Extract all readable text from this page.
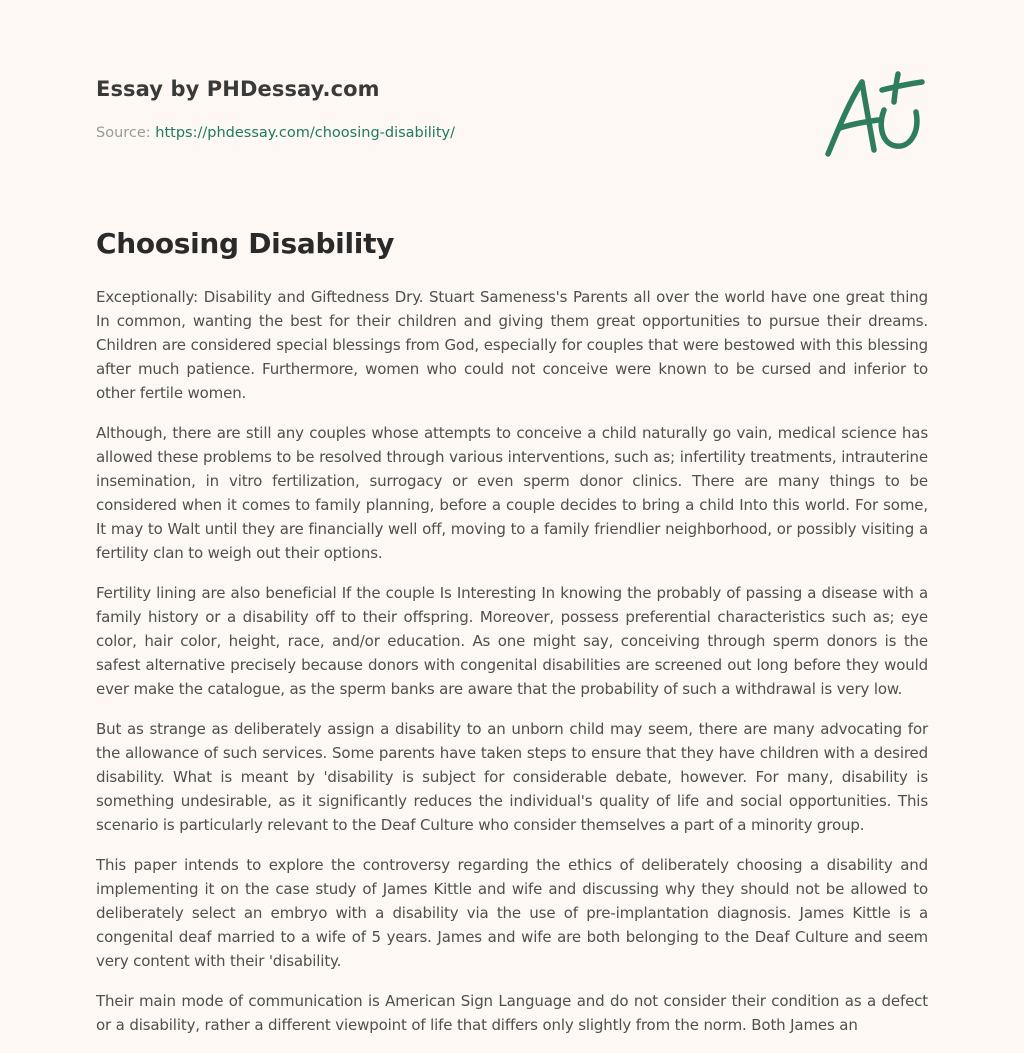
Essay by PHDessay.com
Source: https://phdessay.com/choosing-disability/
Choosing Disability

Exceptionally: Disability and Giftedness Dry. Stuart Sameness's Parents all over the world have one great thing In common, wanting the best for their children and giving them great opportunities to pursue their dreams. Children are considered special blessings from God, especially for couples that were bestowed with this blessing after much patience. Furthermore, women who could not conceive were known to be cursed and inferior to other fertile women.

Although, there are still any couples whose attempts to conceive a child naturally go vain, medical science has allowed these problems to be resolved through various interventions, such as; infertility treatments, intrauterine insemination, in vitro fertilization, surrogacy or even sperm donor clinics. There are many things to be considered when it comes to family planning, before a couple decides to bring a child Into this world. For some, It may to Walt until they are financially well off, moving to a family friendlier neighborhood, or possibly visiting a fertility clan to weigh out their options.

Fertility lining are also beneficial If the couple Is Interesting In knowing the probably of passing a disease with a family history or a disability off to their offspring. Moreover, possess preferential characteristics such as; eye color, hair color, height, race, and/or education. As one might say, conceiving through sperm donors is the safest alternative precisely because donors with congenital disabilities are screened out long before they would ever make the catalogue, as the sperm banks are aware that the probability of such a withdrawal is very low.

But as strange as deliberately assign a disability to an unborn child may seem, there are many advocating for the allowance of such services. Some parents have taken steps to ensure that they have children with a desired disability. What is meant by 'disability is subject for considerable debate, however. For many, disability is something undesirable, as it significantly reduces the individual's quality of life and social opportunities. This scenario is particularly relevant to the Deaf Culture who consider themselves a part of a minority group.

This paper intends to explore the controversy regarding the ethics of deliberately choosing a disability and implementing it on the case study of James Kittle and wife and discussing why they should not be allowed to deliberately select an embryo with a disability via the use of pre-implantation diagnosis. James Kittle is a congenital deaf married to a wife of 5 years. James and wife are both belonging to the Deaf Culture and seem very content with their 'disability.

Their main mode of communication is American Sign Language and do not consider their condition as a defect or a disability, rather a different viewpoint of life that differs only slightly from the norm. Both James an
